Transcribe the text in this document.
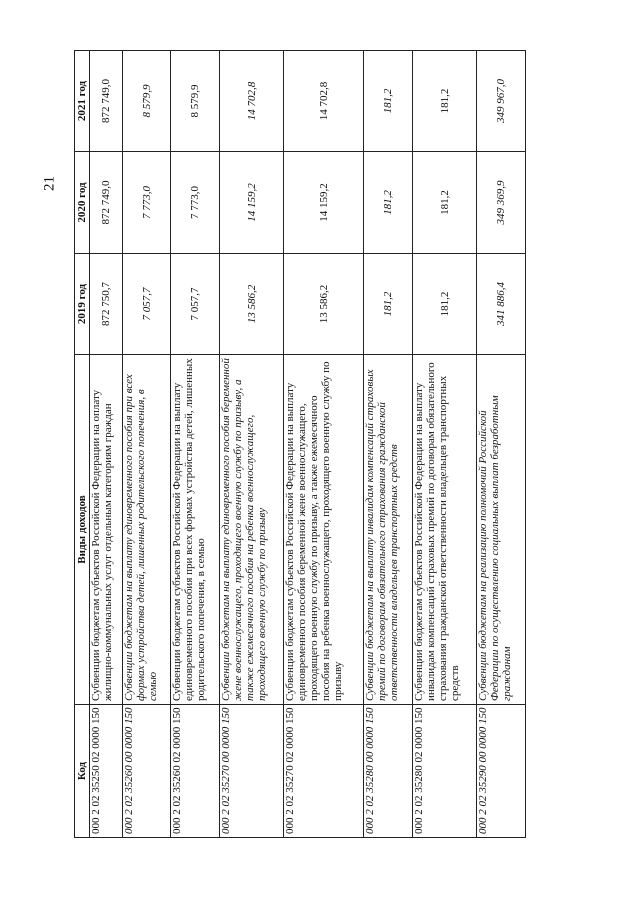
21
Код	Виды доходов	2019 год	2020 год	2021 год
000 2 02 35250 02 0000 150	Субвенции бюджетам субъектов Российской Федерации на оплату жилищно-коммунальных услуг отдельным категориям граждан	872 750,7	872 749,0	872 749,0
000 2 02 35260 00 0000 150	Субвенции бюджетам на выплату единовременного пособия при всех формах устройства детей, лишенных родительского попечения, в семью	7 057,7	7 773,0	8 579,9
000 2 02 35260 02 0000 150	Субвенции бюджетам субъектов Российской Федерации на выплату единовременного пособия при всех формах устройства детей, лишенных родительского попечения, в семью	7 057,7	7 773,0	8 579,9
000 2 02 35270 00 0000 150	Субвенции бюджетам на выплату единовременного пособия беременной жене военнослужащего, проходящего военную службу по призыву, а также ежемесячного пособия на ребенка военнослужащего, проходящего военную службу по призыву	13 586,2	14 159,2	14 702,8
000 2 02 35270 02 0000 150	Субвенции бюджетам субъектов Российской Федерации на выплату единовременного пособия беременной жене военнослужащего, проходящего военную службу по призыву, а также ежемесячного пособия на ребенка военнослужащего, проходящего военную службу по призыву	13 586,2	14 159,2	14 702,8
000 2 02 35280 00 0000 150	Субвенции бюджетам на выплату инвалидам компенсаций страховых премий по договорам обязательного страхования гражданской ответственности владельцев транспортных средств	181,2	181,2	181,2
000 2 02 35280 02 0000 150	Субвенции бюджетам субъектов Российской Федерации на выплату инвалидам компенсаций страховых премий по договорам обязательного страхования гражданской ответственности владельцев транспортных средств	181,2	181,2	181,2
000 2 02 35290 00 0000 150	Субвенции бюджетам на реализацию полномочий Российской Федерации по осуществлению социальных выплат безработным гражданам	341 886,4	349 369,9	349 967,0
